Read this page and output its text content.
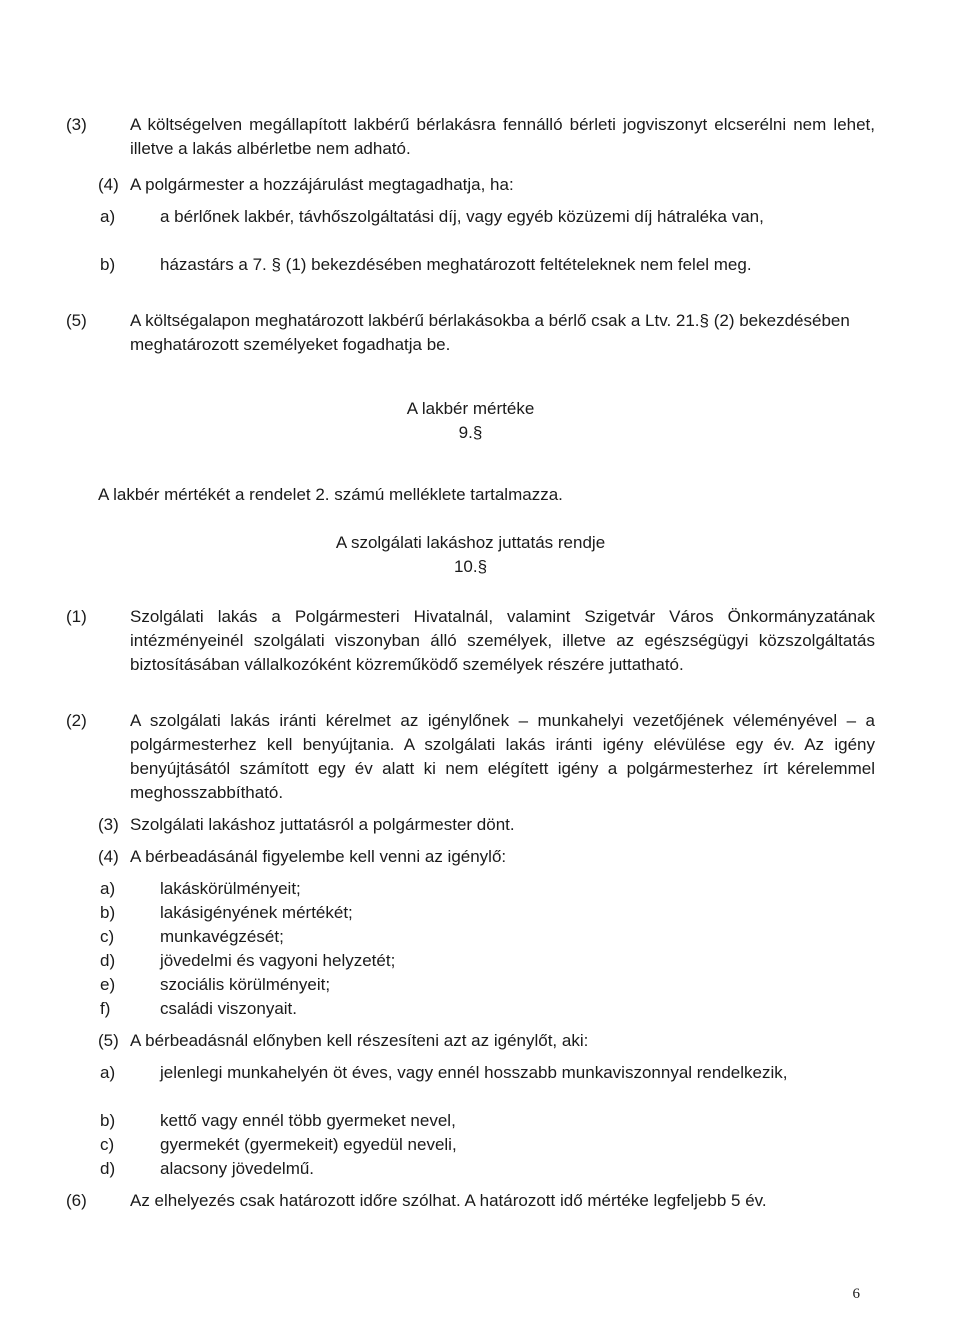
(3)	A költségelven megállapított lakbérű bérlakásra fennálló bérleti jogviszonyt elcserélni nem lehet, illetve a lakás albérletbe nem adható.
(4) A polgármester a hozzájárulást megtagadhatja, ha:
a)	a bérlőnek lakbér, távhőszolgáltatási díj, vagy egyéb közüzemi díj hátraléka van,
b)	házastárs a 7. § (1) bekezdésében meghatározott feltételeknek nem felel meg.
(5)	A költségalapon meghatározott lakbérű bérlakásokba a bérlő csak a Ltv. 21.§ (2) bekezdésében meghatározott személyeket fogadhatja be.
A lakbér mértéke
9.§
A lakbér mértékét a rendelet 2. számú melléklete tartalmazza.
A szolgálati lakáshoz juttatás rendje
10.§
(1)	Szolgálati lakás a Polgármesteri Hivatalnál, valamint Szigetvár Város Önkormányzatának intézményeinél szolgálati viszonyban álló személyek, illetve az egészségügyi közszolgáltatás biztosításában vállalkozóként közreműködő személyek részére juttatható.
(2)	A szolgálati lakás iránti kérelmet az igénylőnek – munkahelyi vezetőjének véleményével – a polgármesterhez kell benyújtania. A szolgálati lakás iránti igény elévülése egy év. Az igény benyújtásától számított egy év alatt ki nem elégített igény a polgármesterhez írt kérelemmel meghosszabbítható.
(3) Szolgálati lakáshoz juttatásról a polgármester dönt.
(4) A bérbeadásánál figyelembe kell venni az igénylő:
a)	lakáskörülményeit;
b)	lakásigényének mértékét;
c)	munkavégzését;
d)	jövedelmi és vagyoni helyzetét;
e)	szociális körülményeit;
f)	családi viszonyait.
(5) A bérbeadásnál előnyben kell részesíteni azt az igénylőt, aki:
a)	jelenlegi munkahelyén öt éves, vagy ennél hosszabb munkaviszonnyal rendelkezik,
b)	kettő vagy ennél több gyermeket nevel,
c)	gyermekét (gyermekeit) egyedül neveli,
d)	alacsony jövedelmű.
(6)	Az elhelyezés csak határozott időre szólhat. A határozott idő mértéke legfeljebb 5 év.
6
